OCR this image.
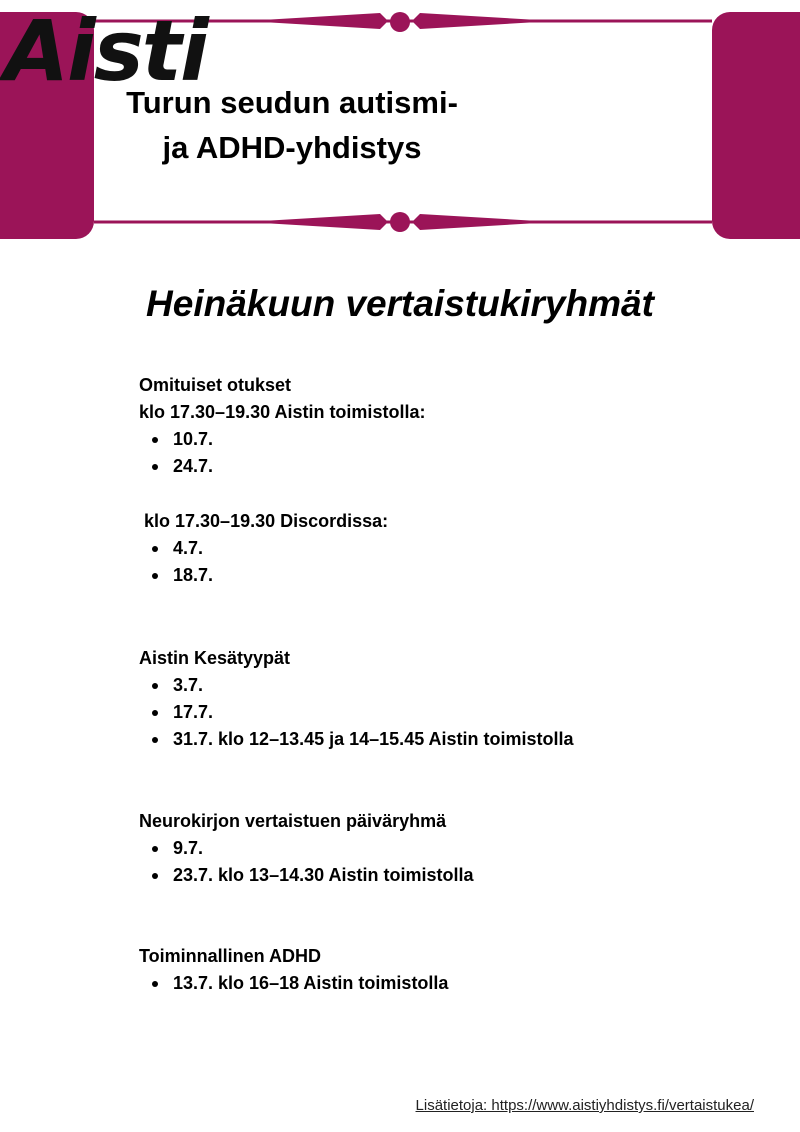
Turun seudun autismi-
ja ADHD-yhdistys
Aisti
Heinäkuun vertaistukiryhmät
Omituiset otukset

klo 17.30–19.30 Aistin toimistolla:

10.7.
24.7.

klo 17.30–19.30 Discordissa:

4.7.
18.7.
Aistin Kesätyypät
3.7.
17.7.
31.7. klo 12–13.45 ja 14–15.45 Aistin toimistolla
Neurokirjon vertaistuen päiväryhmä
9.7.
23.7. klo 13–14.30 Aistin toimistolla
Toiminnallinen ADHD
13.7. klo 16–18 Aistin toimistolla
Lisätietoja: https://www.aistiyhdistys.fi/vertaistukea/
